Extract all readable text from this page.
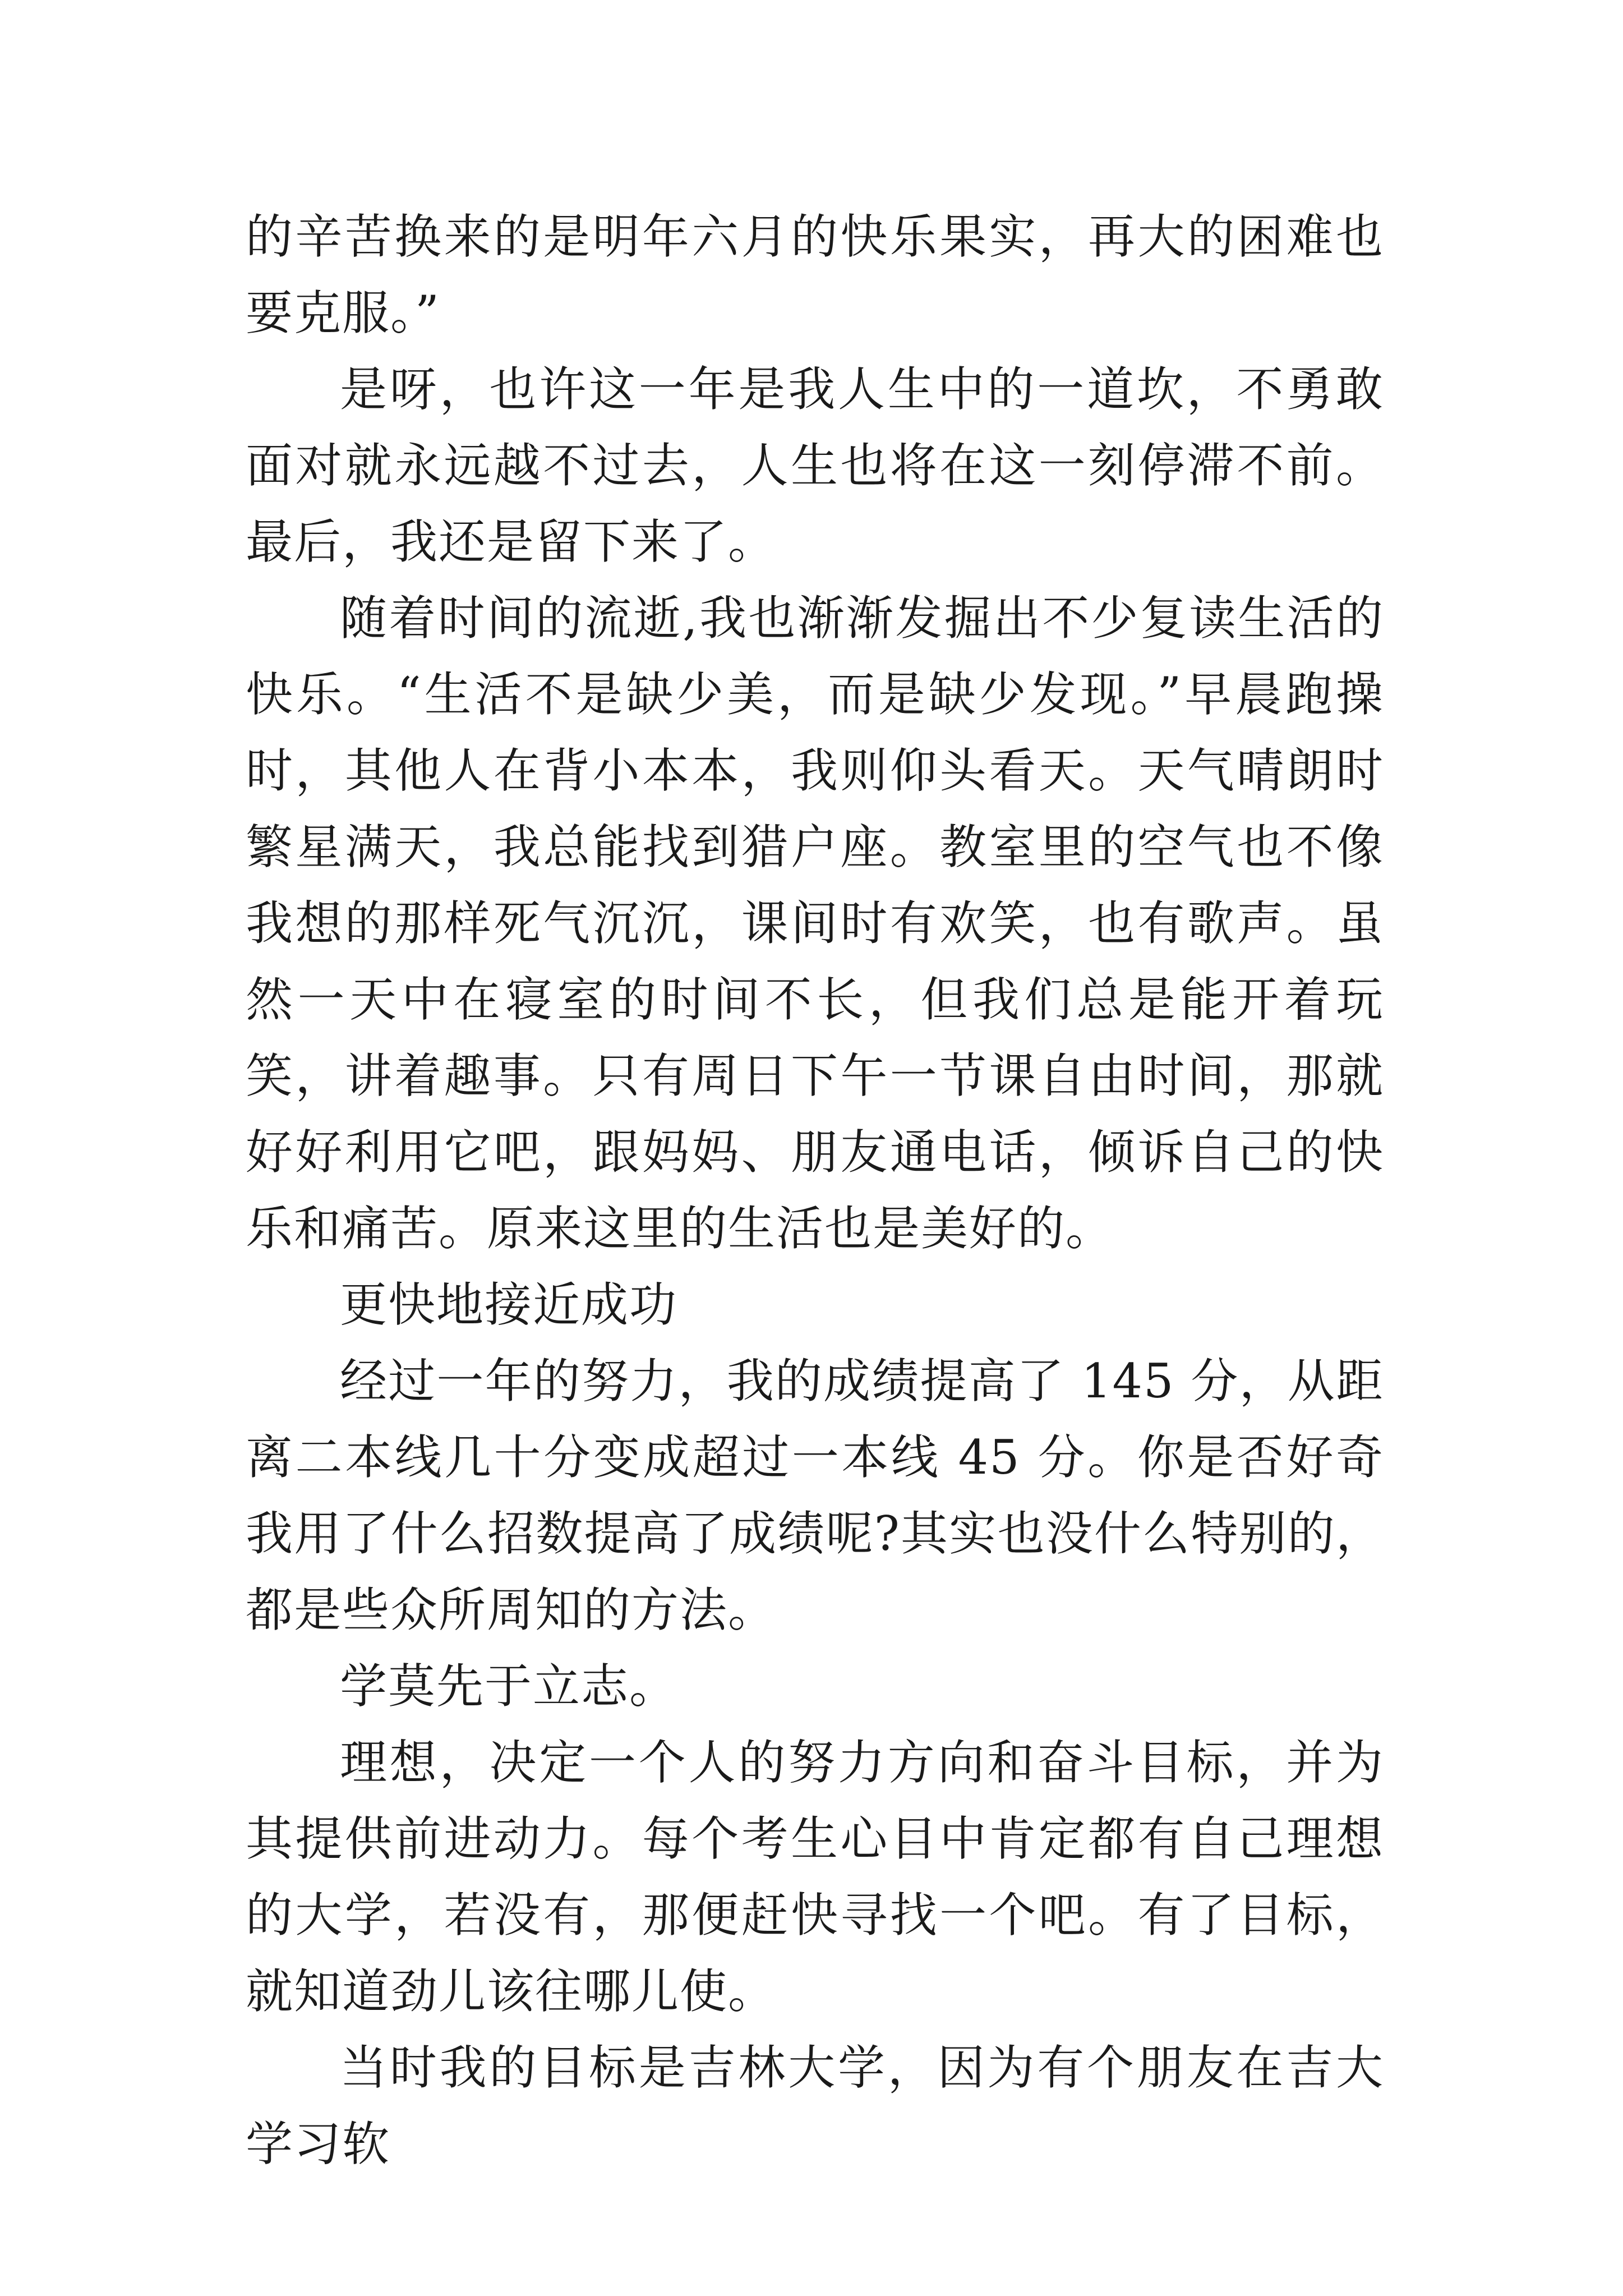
的辛苦换来的是明年六月的快乐果实，再大的困难也要克服。”

是呀，也许这一年是我人生中的一道坎，不勇敢面对就永远越不过去，人生也将在这一刻停滞不前。最后，我还是留下来了。

随着时间的流逝,我也渐渐发掘出不少复读生活的快乐。“生活不是缺少美，而是缺少发现。”早晨跑操时，其他人在背小本本，我则仰头看天。天气晴朗时繁星满天，我总能找到猎户座。教室里的空气也不像我想的那样死气沉沉，课间时有欢笑，也有歌声。虽然一天中在寝室的时间不长，但我们总是能开着玩笑，讲着趣事。只有周日下午一节课自由时间，那就好好利用它吧，跟妈妈、朋友通电话，倾诉自己的快乐和痛苦。原来这里的生活也是美好的。

更快地接近成功

经过一年的努力，我的成绩提高了 145 分，从距离二本线几十分变成超过一本线 45 分。你是否好奇我用了什么招数提高了成绩呢?其实也没什么特别的，都是些众所周知的方法。

学莫先于立志。

理想，决定一个人的努力方向和奋斗目标，并为其提供前进动力。每个考生心目中肯定都有自己理想的大学，若没有，那便赶快寻找一个吧。有了目标，就知道劲儿该往哪儿使。

当时我的目标是吉林大学，因为有个朋友在吉大学习软
